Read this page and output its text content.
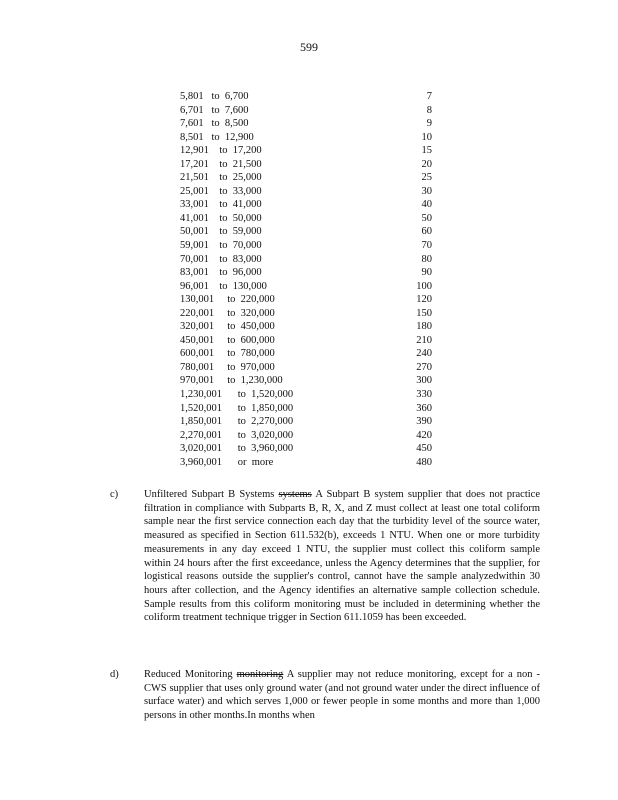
599
5,801   to  6,700	7
6,701   to  7,600	8
7,601   to  8,500	9
8,501   to  12,900	10
12,901    to  17,200	15
17,201    to  21,500	20
21,501    to  25,000	25
25,001    to  33,000	30
33,001    to  41,000	40
41,001    to  50,000	50
50,001    to  59,000	60
59,001    to  70,000	70
70,001    to  83,000	80
83,001    to  96,000	90
96,001    to  130,000	100
130,001     to  220,000	120
220,001     to  320,000	150
320,001     to  450,000	180
450,001     to  600,000	210
600,001     to  780,000	240
780,001     to  970,000	270
970,001     to  1,230,000	300
1,230,001      to  1,520,000	330
1,520,001      to  1,850,000	360
1,850,001      to  2,270,000	390
2,270,001      to  3,020,000	420
3,020,001      to  3,960,000	450
3,960,001      or  more	480
c) Unfiltered Subpart B Systems systems A Subpart B system supplier that does not practice filtration in compliance with Subparts B, R, X, and Z must collect at least one total coliform sample near the first service connection each day that the turbidity level of the source water, measured as specified in Section 611.532(b), exceeds 1 NTU. When one or more turbidity measurements in any day exceed 1 NTU, the supplier must collect this coliform sample within 24 hours after the first exceedance, unless the Agency determines that the supplier, for logistical reasons outside the supplier's control, cannot have the sample analyzedwithin 30 hours after collection, and the Agency identifies an alternative sample collection schedule. Sample results from this coliform monitoring must be included in determining whether the coliform treatment technique trigger in Section 611.1059 has been exceeded.
d) Reduced Monitoring monitoring A supplier may not reduce monitoring, except for a non -CWS supplier that uses only ground water (and not ground water under the direct influence of surface water) and which serves 1,000 or fewer people in some months and more than 1,000 persons in other months.In months when
